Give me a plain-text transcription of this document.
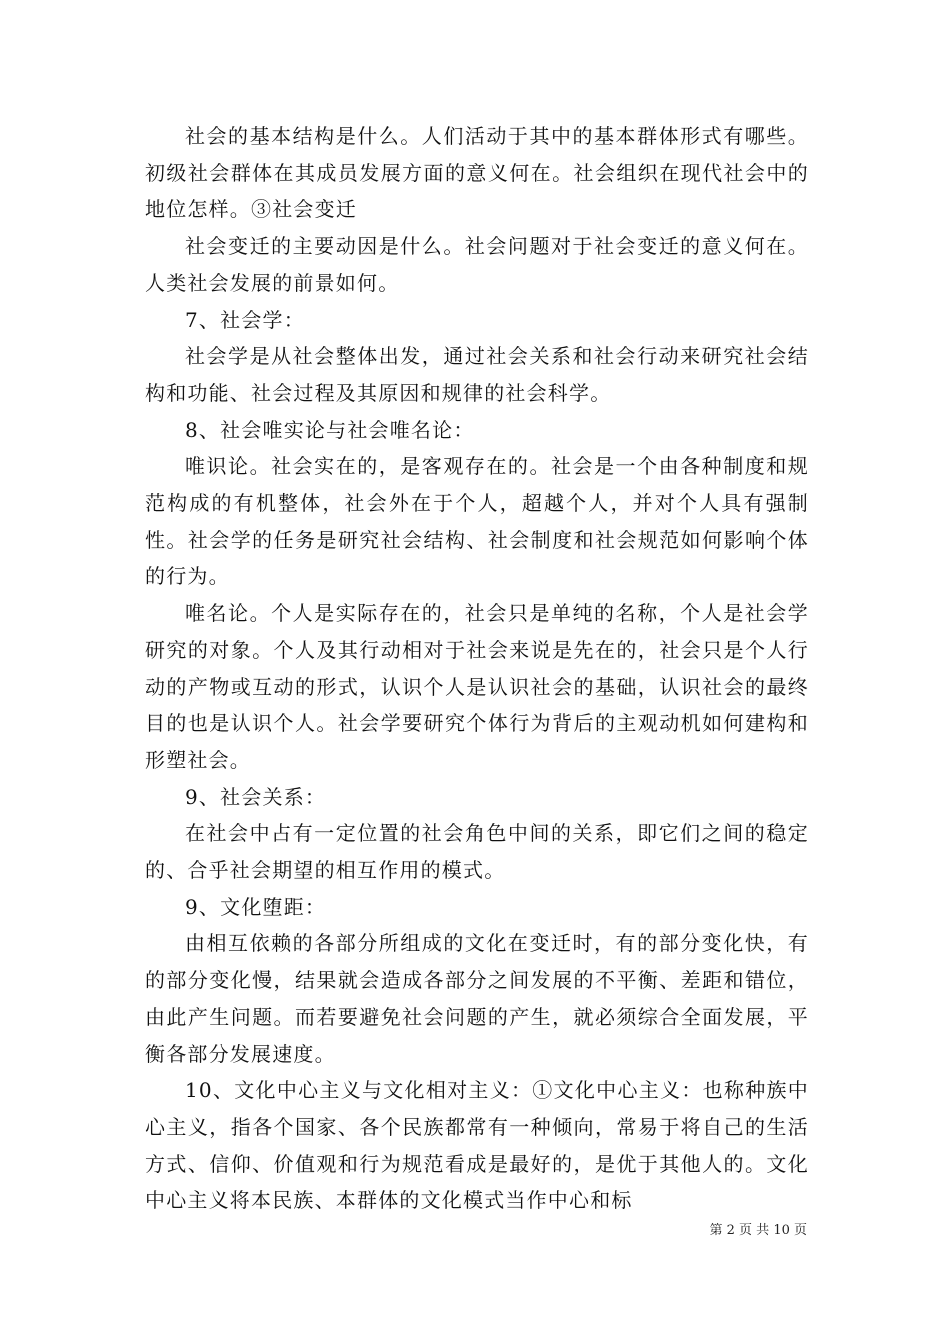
社会的基本结构是什么。人们活动于其中的基本群体形式有哪些。初级社会群体在其成员发展方面的意义何在。社会组织在现代社会中的地位怎样。③社会变迁

社会变迁的主要动因是什么。社会问题对于社会变迁的意义何在。人类社会发展的前景如何。

7、社会学：

社会学是从社会整体出发，通过社会关系和社会行动来研究社会结构和功能、社会过程及其原因和规律的社会科学。

8、社会唯实论与社会唯名论：

唯识论。社会实在的，是客观存在的。社会是一个由各种制度和规范构成的有机整体，社会外在于个人，超越个人，并对个人具有强制性。社会学的任务是研究社会结构、社会制度和社会规范如何影响个体的行为。

唯名论。个人是实际存在的，社会只是单纯的名称，个人是社会学研究的对象。个人及其行动相对于社会来说是先在的，社会只是个人行动的产物或互动的形式，认识个人是认识社会的基础，认识社会的最终目的也是认识个人。社会学要研究个体行为背后的主观动机如何建构和形塑社会。

9、社会关系：

在社会中占有一定位置的社会角色中间的关系，即它们之间的稳定的、合乎社会期望的相互作用的模式。

9、文化堕距：

由相互依赖的各部分所组成的文化在变迁时，有的部分变化快，有的部分变化慢，结果就会造成各部分之间发展的不平衡、差距和错位，由此产生问题。而若要避免社会问题的产生，就必须综合全面发展，平衡各部分发展速度。

10、文化中心主义与文化相对主义：①文化中心主义：也称种族中心主义，指各个国家、各个民族都常有一种倾向，常易于将自己的生活方式、信仰、价值观和行为规范看成是最好的，是优于其他人的。文化中心主义将本民族、本群体的文化模式当作中心和标

第 2 页 共 10 页
